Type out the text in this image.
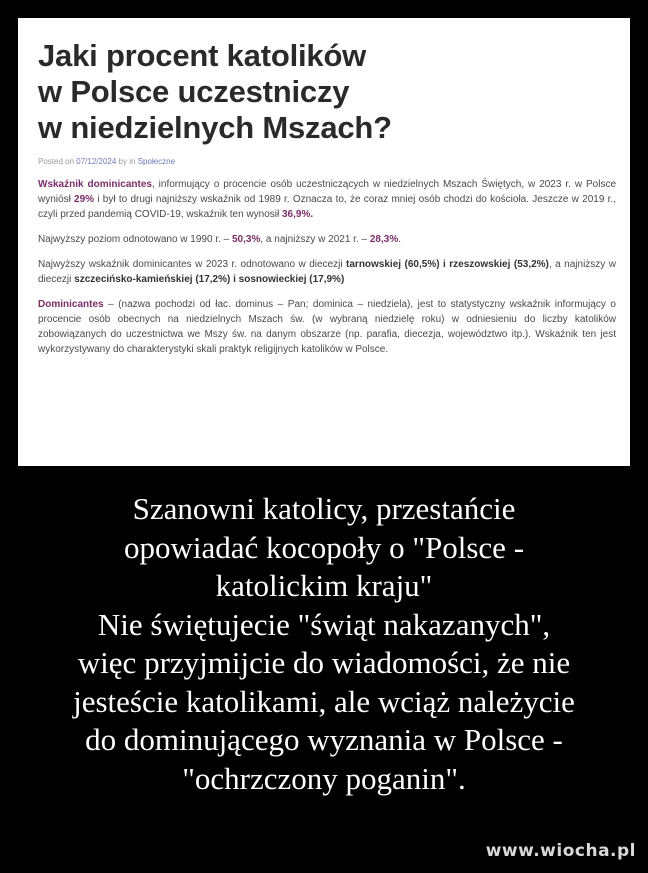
Jaki procent katolików
w Polsce uczestniczy
w niedzielnych Mszach?
Posted on 07/12/2024 by in Społeczne

Wskaźnik dominicantes, informujący o procencie osób uczestniczących w niedzielnych Mszach Świętych, w 2023 r. w Polsce wyniósł 29% i był to drugi najniższy wskaźnik od 1989 r. Oznacza to, że coraz mniej osób chodzi do kościoła. Jeszcze w 2019 r., czyli przed pandemią COVID-19, wskaźnik ten wynosił 36,9%.

Najwyższy poziom odnotowano w 1990 r. – 50,3%, a najniższy w 2021 r. – 28,3%.

Najwyższy wskaźnik dominicantes w 2023 r. odnotowano w diecezji tarnowskiej (60,5%) i rzeszowskiej (53,2%), a najniższy w diecezji szczecińsko-kamieńskiej (17,2%) i sosnowieckiej (17,9%)

Dominicantes – (nazwa pochodzi od łac. dominus – Pan; dominica – niedziela), jest to statystyczny wskaźnik informujący o procencie osób obecnych na niedzielnych Mszach św. (w wybraną niedzielę roku) w odniesieniu do liczby katolików zobowiązanych do uczestnictwa we Mszy św. na danym obszarze (np. parafia, diecezja, województwo itp.). Wskaźnik ten jest wykorzystywany do charakterystyki skali praktyk religijnych katolików w Polsce.

Szanowni katolicy, przestańcie
opowiadać kocopoły o "Polsce -
katolickim kraju"
Nie świętujecie "świąt nakazanych",
więc przyjmijcie do wiadomości, że nie
jesteście katolikami, ale wciąż należycie
do dominującego wyznania w Polsce -
"ochrzczony poganin".
www.wiocha.pl
